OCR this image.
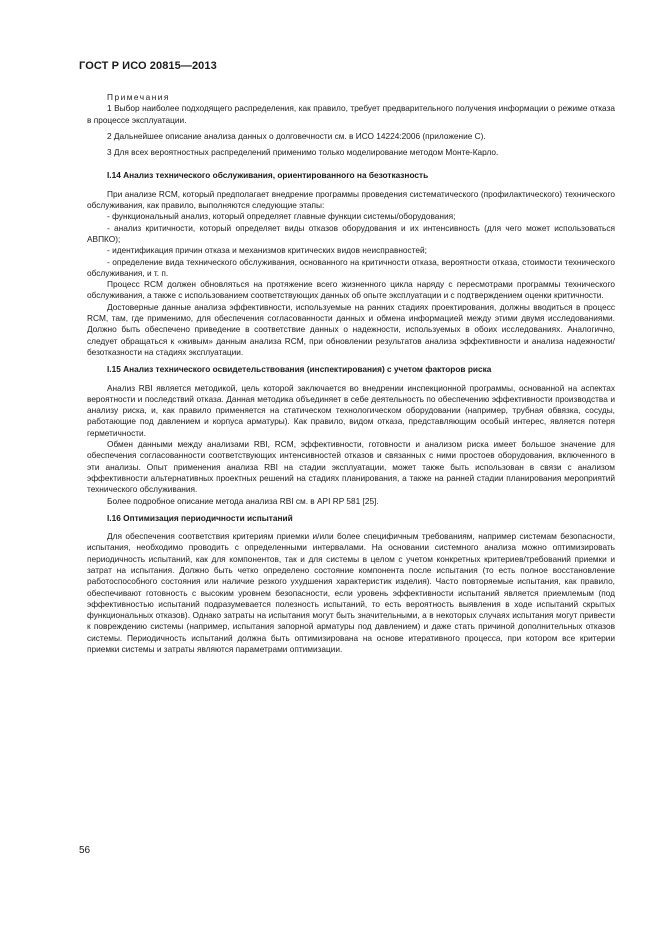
ГОСТ Р ИСО 20815—2013

Примечания

1 Выбор наиболее подходящего распределения, как правило, требует предварительного получения информации о режиме отказа в процессе эксплуатации.

2 Дальнейшее описание анализа данных о долговечности см. в ИСО 14224:2006 (приложение С).

3 Для всех вероятностных распределений применимо только моделирование методом Монте-Карло.

I.14 Анализ технического обслуживания, ориентированного на безотказность

При анализе RCM, который предполагает внедрение программы проведения систематического (профилактического) технического обслуживания, как правило, выполняются следующие этапы:

- функциональный анализ, который определяет главные функции системы/оборудования;

- анализ критичности, который определяет виды отказов оборудования и их интенсивность (для чего может использоваться АВПКО);

- идентификация причин отказа и механизмов критических видов неисправностей;

- определение вида технического обслуживания, основанного на критичности отказа, вероятности отказа, стоимости технического обслуживания, и т. п.

Процесс RCM должен обновляться на протяжение всего жизненного цикла наряду с пересмотрами программы технического обслуживания, а также с использованием соответствующих данных об опыте эксплуатации и с подтверждением оценки критичности.

Достоверные данные анализа эффективности, используемые на ранних стадиях проектирования, должны вводиться в процесс RCM, там, где применимо, для обеспечения согласованности данных и обмена информацией между этими двумя исследованиями. Должно быть обеспечено приведение в соответствие данных о надежности, используемых в обоих исследованиях. Аналогично, следует обращаться к «живым» данным анализа RCM, при обновлении результатов анализа эффективности и анализа надежности/безотказности на стадиях эксплуатации.

I.15 Анализ технического освидетельствования (инспектирования) с учетом факторов риска

Анализ RBI является методикой, цель которой заключается во внедрении инспекционной программы, основанной на аспектах вероятности и последствий отказа. Данная методика объединяет в себе деятельность по обеспечению эффективности производства и анализу риска, и, как правило применяется на статическом технологическом оборудовании (например, трубная обвязка, сосуды, работающие под давлением и корпуса арматуры). Как правило, видом отказа, представляющим особый интерес, является потеря герметичности.

Обмен данными между анализами RBI, RCM, эффективности, готовности и анализом риска имеет большое значение для обеспечения согласованности соответствующих интенсивностей отказов и связанных с ними простоев оборудования, включенного в эти анализы. Опыт применения анализа RBI на стадии эксплуатации, может также быть использован в связи с анализом эффективности альтернативных проектных решений на стадиях планирования, а также на ранней стадии планирования мероприятий технического обслуживания.

Более подробное описание метода анализа RBI см. в API RP 581 [25].

I.16 Оптимизация периодичности испытаний

Для обеспечения соответствия критериям приемки и/или более специфичным требованиям, например системам безопасности, испытания, необходимо проводить с определенными интервалами. На основании системного анализа можно оптимизировать периодичность испытаний, как для компонентов, так и для системы в целом с учетом конкретных критериев/требований приемки и затрат на испытания. Должно быть четко определено состояние компонента после испытания (то есть полное восстановление работоспособного состояния или наличие резкого ухудшения характеристик изделия). Часто повторяемые испытания, как правило, обеспечивают готовность с высоким уровнем безопасности, если уровень эффективности испытаний является приемлемым (под эффективностью испытаний подразумевается полезность испытаний, то есть вероятность выявления в ходе испытаний скрытых функциональных отказов). Однако затраты на испытания могут быть значительными, а в некоторых случаях испытания могут привести к повреждению системы (например, испытания запорной арматуры под давлением) и даже стать причиной дополнительных отказов системы. Периодичность испытаний должна быть оптимизирована на основе итеративного процесса, при котором все критерии приемки системы и затраты являются параметрами оптимизации.

56
